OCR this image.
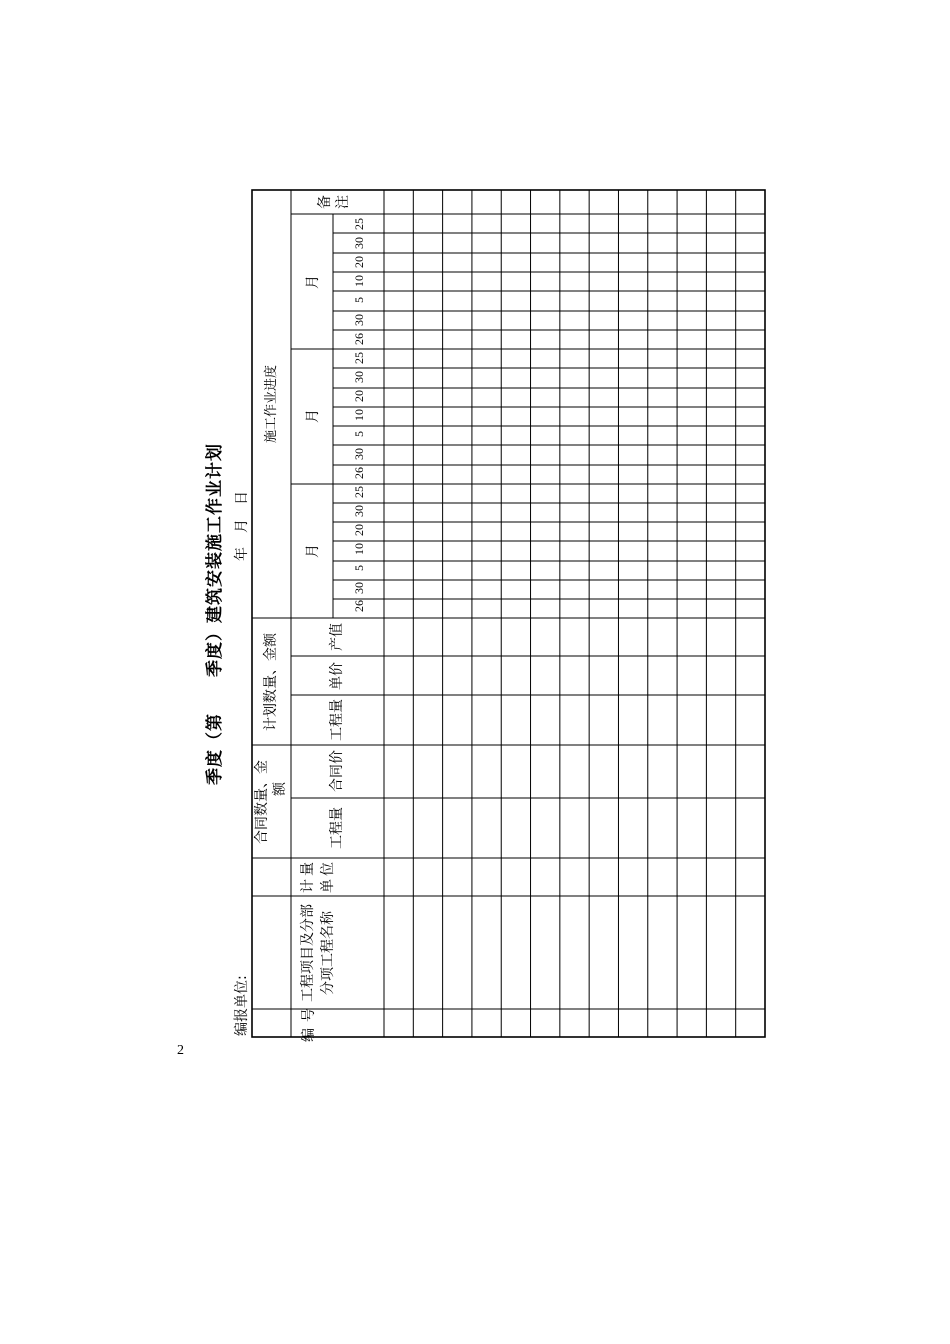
季度（第　　季度）建筑安装施工作业计划 年　月　日
编报单位:	编号
工程项目及分部 分项工程名称
计量 单位
合同数量、金 额
工程量
合同价
计划数量、金额	工程量
单价
产值
施工作业进度
备 注
月
月
月
26
30
5
10
20
30
25
26
30
5
10
20
30
25
26
30
5
10
20
30
25
2
